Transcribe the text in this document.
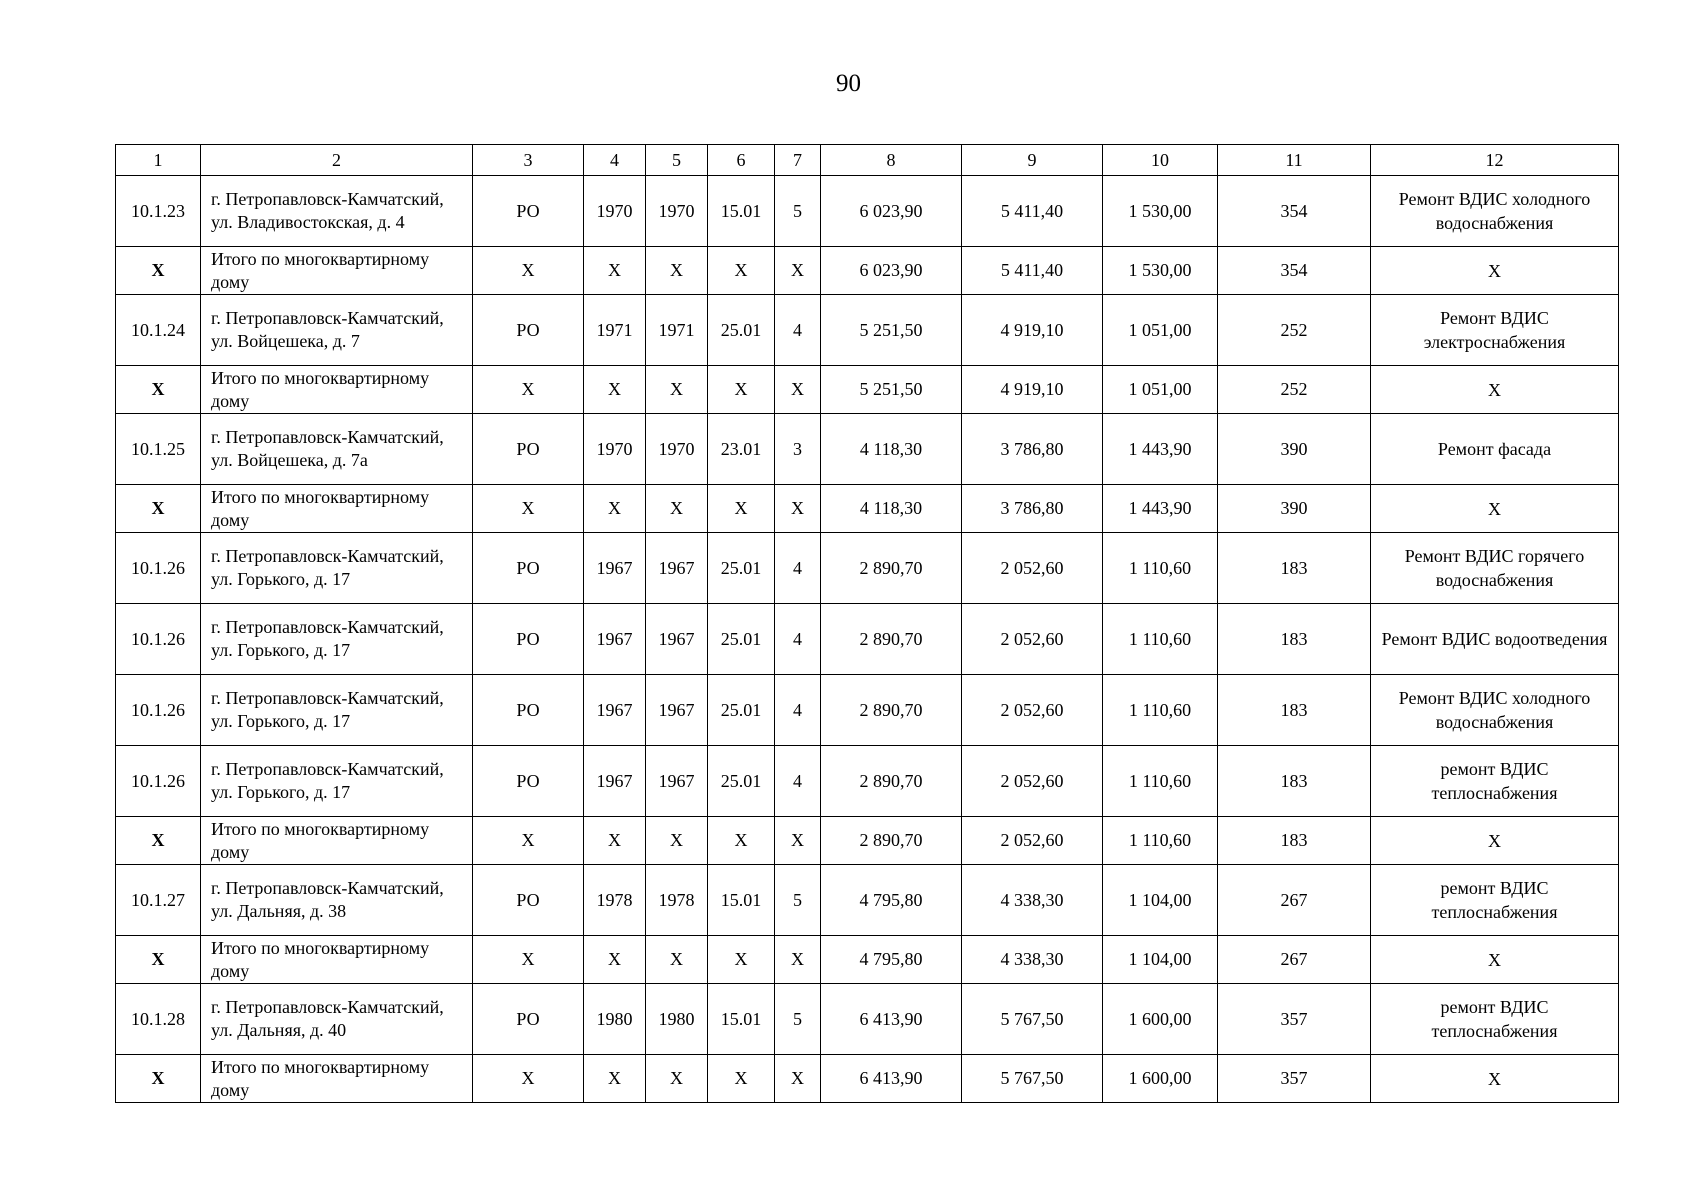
90
1	2	3	4	5	6	7	8	9	10	11	12
10.1.23	г. Петропавловск-Камчатский, ул. Владивостокская, д. 4	РО	1970	1970	15.01	5	6 023,90	5 411,40	1 530,00	354	Ремонт ВДИС холодного водоснабжения
X	Итого по многоквартирному дому	X	X	X	X	X	6 023,90	5 411,40	1 530,00	354	X
10.1.24	г. Петропавловск-Камчатский, ул. Войцешека, д. 7	РО	1971	1971	25.01	4	5 251,50	4 919,10	1 051,00	252	Ремонт ВДИС электроснабжения
X	Итого по многоквартирному дому	X	X	X	X	X	5 251,50	4 919,10	1 051,00	252	X
10.1.25	г. Петропавловск-Камчатский, ул. Войцешека, д. 7а	РО	1970	1970	23.01	3	4 118,30	3 786,80	1 443,90	390	Ремонт фасада
X	Итого по многоквартирному дому	X	X	X	X	X	4 118,30	3 786,80	1 443,90	390	X
10.1.26	г. Петропавловск-Камчатский, ул. Горького, д. 17	РО	1967	1967	25.01	4	2 890,70	2 052,60	1 110,60	183	Ремонт ВДИС горячего водоснабжения
10.1.26	г. Петропавловск-Камчатский, ул. Горького, д. 17	РО	1967	1967	25.01	4	2 890,70	2 052,60	1 110,60	183	Ремонт ВДИС водоотведения
10.1.26	г. Петропавловск-Камчатский, ул. Горького, д. 17	РО	1967	1967	25.01	4	2 890,70	2 052,60	1 110,60	183	Ремонт ВДИС холодного водоснабжения
10.1.26	г. Петропавловск-Камчатский, ул. Горького, д. 17	РО	1967	1967	25.01	4	2 890,70	2 052,60	1 110,60	183	ремонт ВДИС теплоснабжения
X	Итого по многоквартирному дому	X	X	X	X	X	2 890,70	2 052,60	1 110,60	183	X
10.1.27	г. Петропавловск-Камчатский, ул. Дальняя, д. 38	РО	1978	1978	15.01	5	4 795,80	4 338,30	1 104,00	267	ремонт ВДИС теплоснабжения
X	Итого по многоквартирному дому	X	X	X	X	X	4 795,80	4 338,30	1 104,00	267	X
10.1.28	г. Петропавловск-Камчатский, ул. Дальняя, д. 40	РО	1980	1980	15.01	5	6 413,90	5 767,50	1 600,00	357	ремонт ВДИС теплоснабжения
X	Итого по многоквартирному дому	X	X	X	X	X	6 413,90	5 767,50	1 600,00	357	X
